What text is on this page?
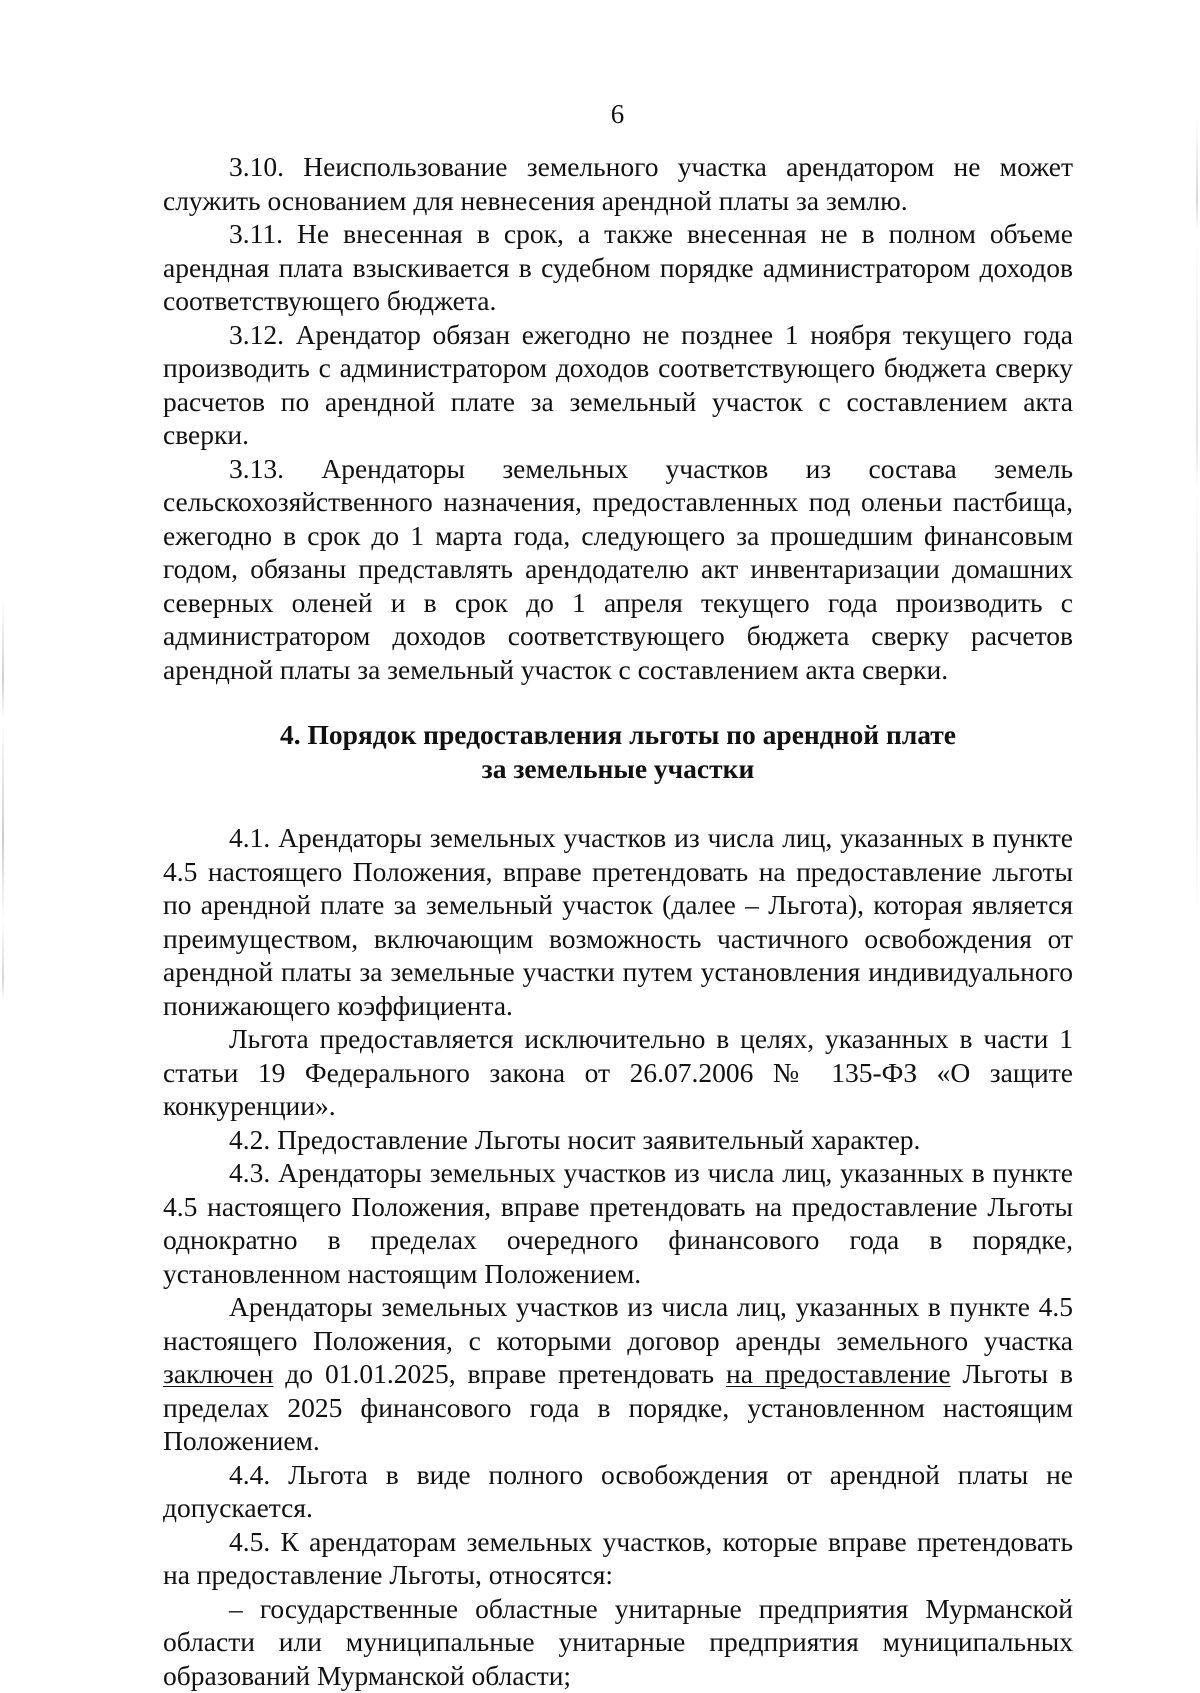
6

3.10. Неиспользование земельного участка арендатором не может служить основанием для невнесения арендной платы за землю.

3.11. Не внесенная в срок, а также внесенная не в полном объеме арендная плата взыскивается в судебном порядке администратором доходов соответствующего бюджета.

3.12. Арендатор обязан ежегодно не позднее 1 ноября текущего года производить с администратором доходов соответствующего бюджета сверку расчетов по арендной плате за земельный участок с составлением акта сверки.

3.13. Арендаторы земельных участков из состава земель сельскохозяйственного назначения, предоставленных под оленьи пастбища, ежегодно в срок до 1 марта года, следующего за прошедшим финансовым годом, обязаны представлять арендодателю акт инвентаризации домашних северных оленей и в срок до 1 апреля текущего года производить с администратором доходов соответствующего бюджета сверку расчетов арендной платы за земельный участок с составлением акта сверки.

4. Порядок предоставления льготы по арендной плате
за земельные участки

4.1. Арендаторы земельных участков из числа лиц, указанных в пункте 4.5 настоящего Положения, вправе претендовать на предоставление льготы по арендной плате за земельный участок (далее – Льгота), которая является преимуществом, включающим возможность частичного освобождения от арендной платы за земельные участки путем установления индивидуального понижающего коэффициента.

Льгота предоставляется исключительно в целях, указанных в части 1 статьи 19 Федерального закона от 26.07.2006 № 135-ФЗ «О защите конкуренции».

4.2. Предоставление Льготы носит заявительный характер.

4.3. Арендаторы земельных участков из числа лиц, указанных в пункте 4.5 настоящего Положения, вправе претендовать на предоставление Льготы однократно в пределах очередного финансового года в порядке, установленном настоящим Положением.

Арендаторы земельных участков из числа лиц, указанных в пункте 4.5 настоящего Положения, с которыми договор аренды земельного участка заключен до 01.01.2025, вправе претендовать на предоставление Льготы в пределах 2025 финансового года в порядке, установленном настоящим Положением.

4.4. Льгота в виде полного освобождения от арендной платы не допускается.

4.5. К арендаторам земельных участков, которые вправе претендовать на предоставление Льготы, относятся:

– государственные областные унитарные предприятия Мурманской области или муниципальные унитарные предприятия муниципальных образований Мурманской области;
